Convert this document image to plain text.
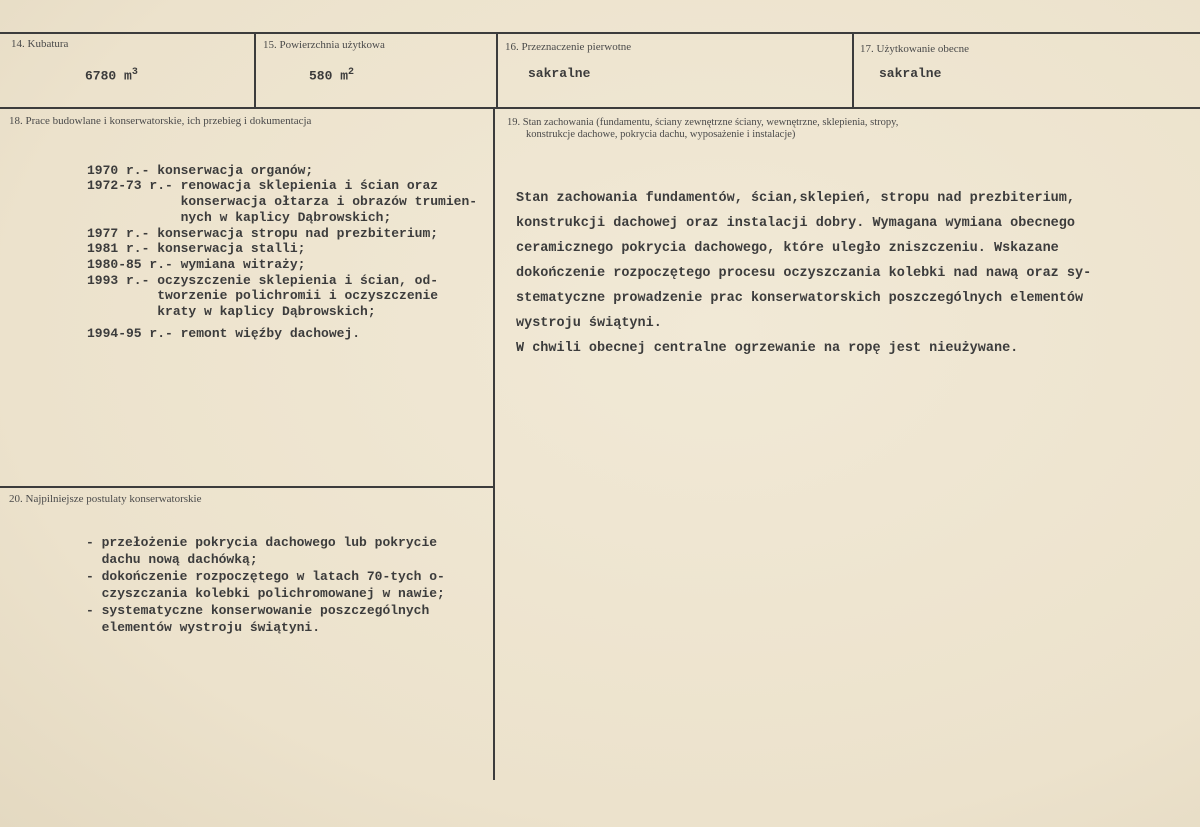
14. Kubatura
6780 $m^3$
15. Powierzchnia użytkowa
580 $m^2$
16. Przeznaczenie pierwotne
sakralne
17. Użytkowanie obecne
sakralne
18. Prace budowlane i konserwatorskie, ich przebieg i dokumentacja

1970 r.- konserwacja organów;
1972-73 r.- renowacja sklepienia i ścian oraz
konserwacja ołtarza i obrazów trumien-
nych w kaplicy Dąbrowskich;
1977 r.- konserwacja stropu nad prezbiterium;
1981 r.- konserwacja stalli;
1980-85 r.- wymiana witraży;
1993 r.- oczyszczenie sklepienia i ścian, od-
tworzenie polichromii i oczyszczenie
kraty w kaplicy Dąbrowskich;
1994-95 r.- remont więźby dachowej.
19. Stan zachowania (fundamentu, ściany zewnętrzne ściany, wewnętrzne, sklepienia, stropy,
konstrukcje dachowe, pokrycia dachu, wyposażenie i instalacje)

Stan zachowania fundamentów, ścian,sklepień, stropu nad prezbiterium,
konstrukcji dachowej oraz instalacji dobry. Wymagana wymiana obecnego
ceramicznego pokrycia dachowego, które uległo zniszczeniu. Wskazane
dokończenie rozpoczętego procesu oczyszczania kolebki nad nawą oraz sy-
stematyczne prowadzenie prac konserwatorskich poszczególnych elementów
wystroju świątyni.
W chwili obecnej centralne ogrzewanie na ropę jest nieużywane.
20. Najpilniejsze postulaty konserwatorskie

- przełożenie pokrycia dachowego lub pokrycie
dachu nową dachówką;
- dokończenie rozpoczętego w latach 70-tych o-
czyszczania kolebki polichromowanej w nawie;
- systematyczne konserwowanie poszczególnych
elementów wystroju świątyni.
